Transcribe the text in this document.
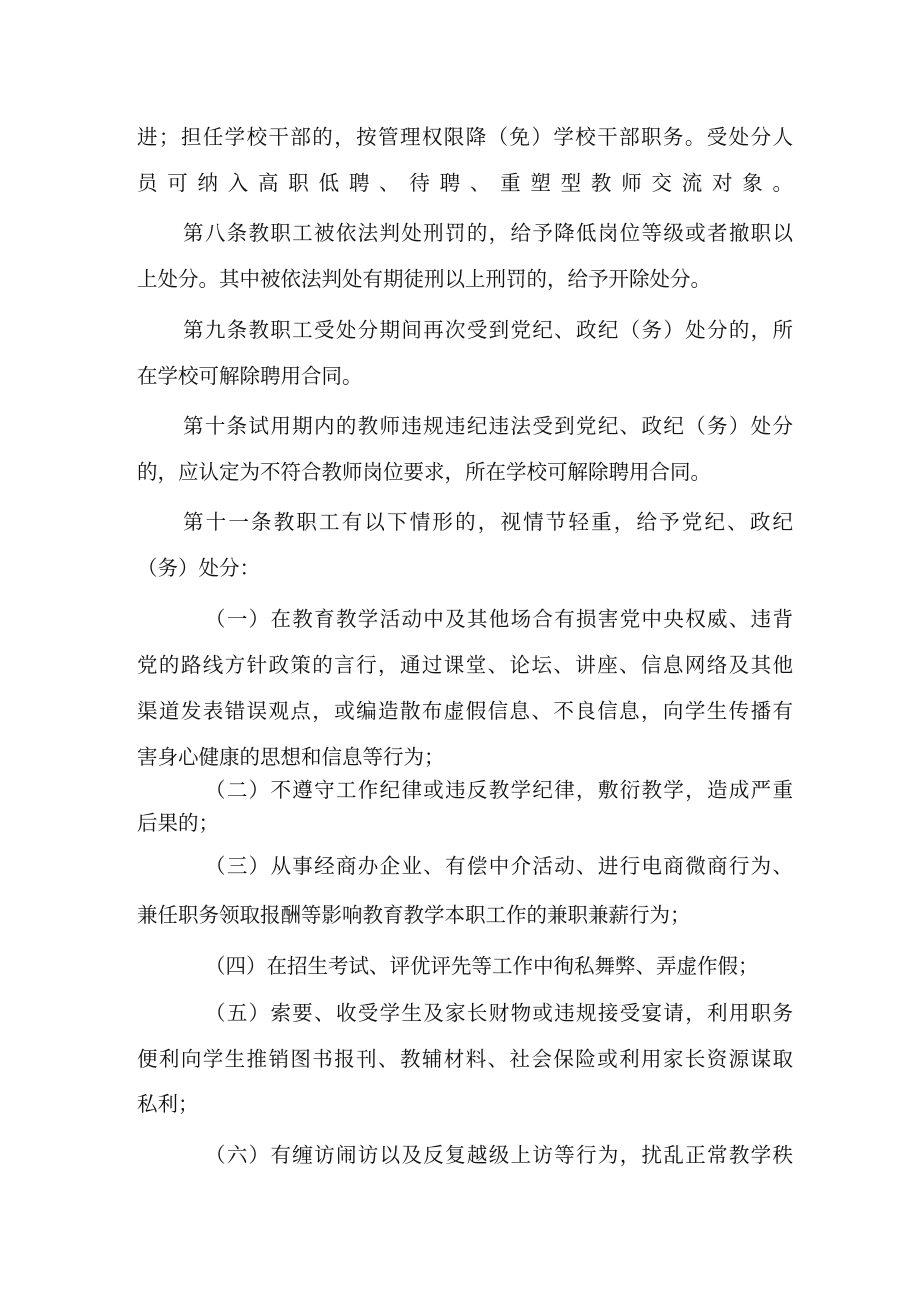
进；担任学校干部的，按管理权限降（免）学校干部职务。受处分人
员可纳入高职低聘、待聘、重塑型教师交流对象。
第八条教职工被依法判处刑罚的，给予降低岗位等级或者撤职以
上处分。其中被依法判处有期徒刑以上刑罚的，给予开除处分。
第九条教职工受处分期间再次受到党纪、政纪（务）处分的，所
在学校可解除聘用合同。
第十条试用期内的教师违规违纪违法受到党纪、政纪（务）处分
的，应认定为不符合教师岗位要求，所在学校可解除聘用合同。
第十一条教职工有以下情形的，视情节轻重，给予党纪、政纪
（务）处分：
（一）在教育教学活动中及其他场合有损害党中央权威、违背
党的路线方针政策的言行，通过课堂、论坛、讲座、信息网络及其他
渠道发表错误观点，或编造散布虚假信息、不良信息，向学生传播有
害身心健康的思想和信息等行为；
（二）不遵守工作纪律或违反教学纪律，敷衍教学，造成严重
后果的；
（三）从事经商办企业、有偿中介活动、进行电商微商行为、
兼任职务领取报酬等影响教育教学本职工作的兼职兼薪行为；
（四）在招生考试、评优评先等工作中徇私舞弊、弄虚作假；
（五）索要、收受学生及家长财物或违规接受宴请，利用职务
便利向学生推销图书报刊、教辅材料、社会保险或利用家长资源谋取
私利；
（六）有缠访闹访以及反复越级上访等行为，扰乱正常教学秩
